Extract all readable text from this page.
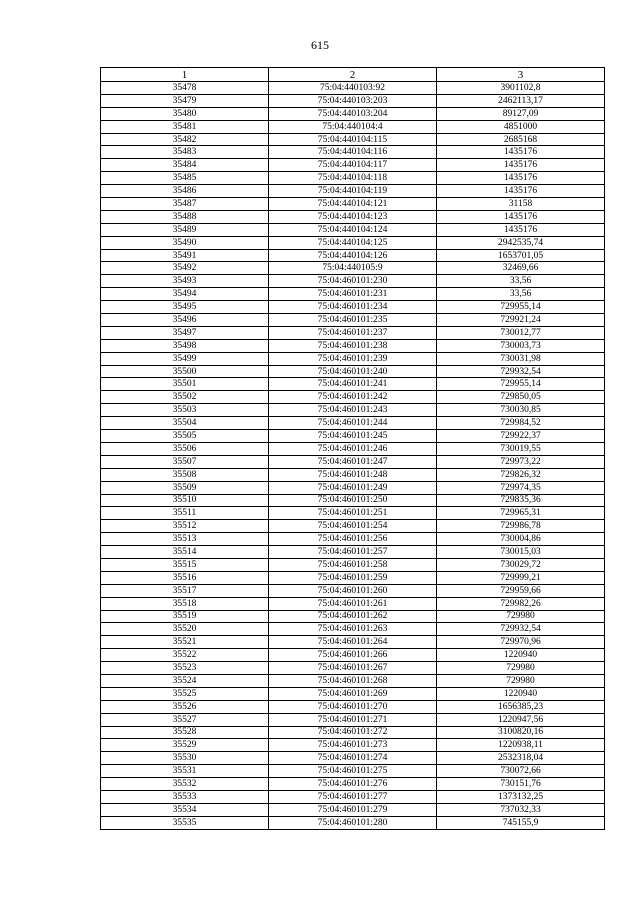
615
1	2	3
35478	75:04:440103:92	3901102,8
35479	75:04:440103:203	2462113,17
35480	75:04:440103:204	89127,09
35481	75:04:440104:4	4851000
35482	75:04:440104:115	2685168
35483	75:04:440104:116	1435176
35484	75:04:440104:117	1435176
35485	75:04:440104:118	1435176
35486	75:04:440104:119	1435176
35487	75:04:440104:121	31158
35488	75:04:440104:123	1435176
35489	75:04:440104:124	1435176
35490	75:04:440104:125	2942535,74
35491	75:04:440104:126	1653701,05
35492	75:04:440105:9	32469,66
35493	75:04:460101:230	33,56
35494	75:04:460101:231	33,56
35495	75:04:460101:234	729955,14
35496	75:04:460101:235	729921,24
35497	75:04:460101:237	730012,77
35498	75:04:460101:238	730003,73
35499	75:04:460101:239	730031,98
35500	75:04:460101:240	729932,54
35501	75:04:460101:241	729955,14
35502	75:04:460101:242	729850,05
35503	75:04:460101:243	730030,85
35504	75:04:460101:244	729984,52
35505	75:04:460101:245	729922,37
35506	75:04:460101:246	730019,55
35507	75:04:460101:247	729973,22
35508	75:04:460101:248	729826,32
35509	75:04:460101:249	729974,35
35510	75:04:460101:250	729835,36
35511	75:04:460101:251	729965,31
35512	75:04:460101:254	729986,78
35513	75:04:460101:256	730004,86
35514	75:04:460101:257	730015,03
35515	75:04:460101:258	730029,72
35516	75:04:460101:259	729999,21
35517	75:04:460101:260	729959,66
35518	75:04:460101:261	729982,26
35519	75:04:460101:262	729980
35520	75:04:460101:263	729932,54
35521	75:04:460101:264	729970,96
35522	75:04:460101:266	1220940
35523	75:04:460101:267	729980
35524	75:04:460101:268	729980
35525	75:04:460101:269	1220940
35526	75:04:460101:270	1656385,23
35527	75:04:460101:271	1220947,56
35528	75:04:460101:272	3100820,16
35529	75:04:460101:273	1220938,11
35530	75:04:460101:274	2532318,04
35531	75:04:460101:275	730072,66
35532	75:04:460101:276	730151,76
35533	75:04:460101:277	1373132,25
35534	75:04:460101:279	737032,33
35535	75:04:460101:280	745155,9
